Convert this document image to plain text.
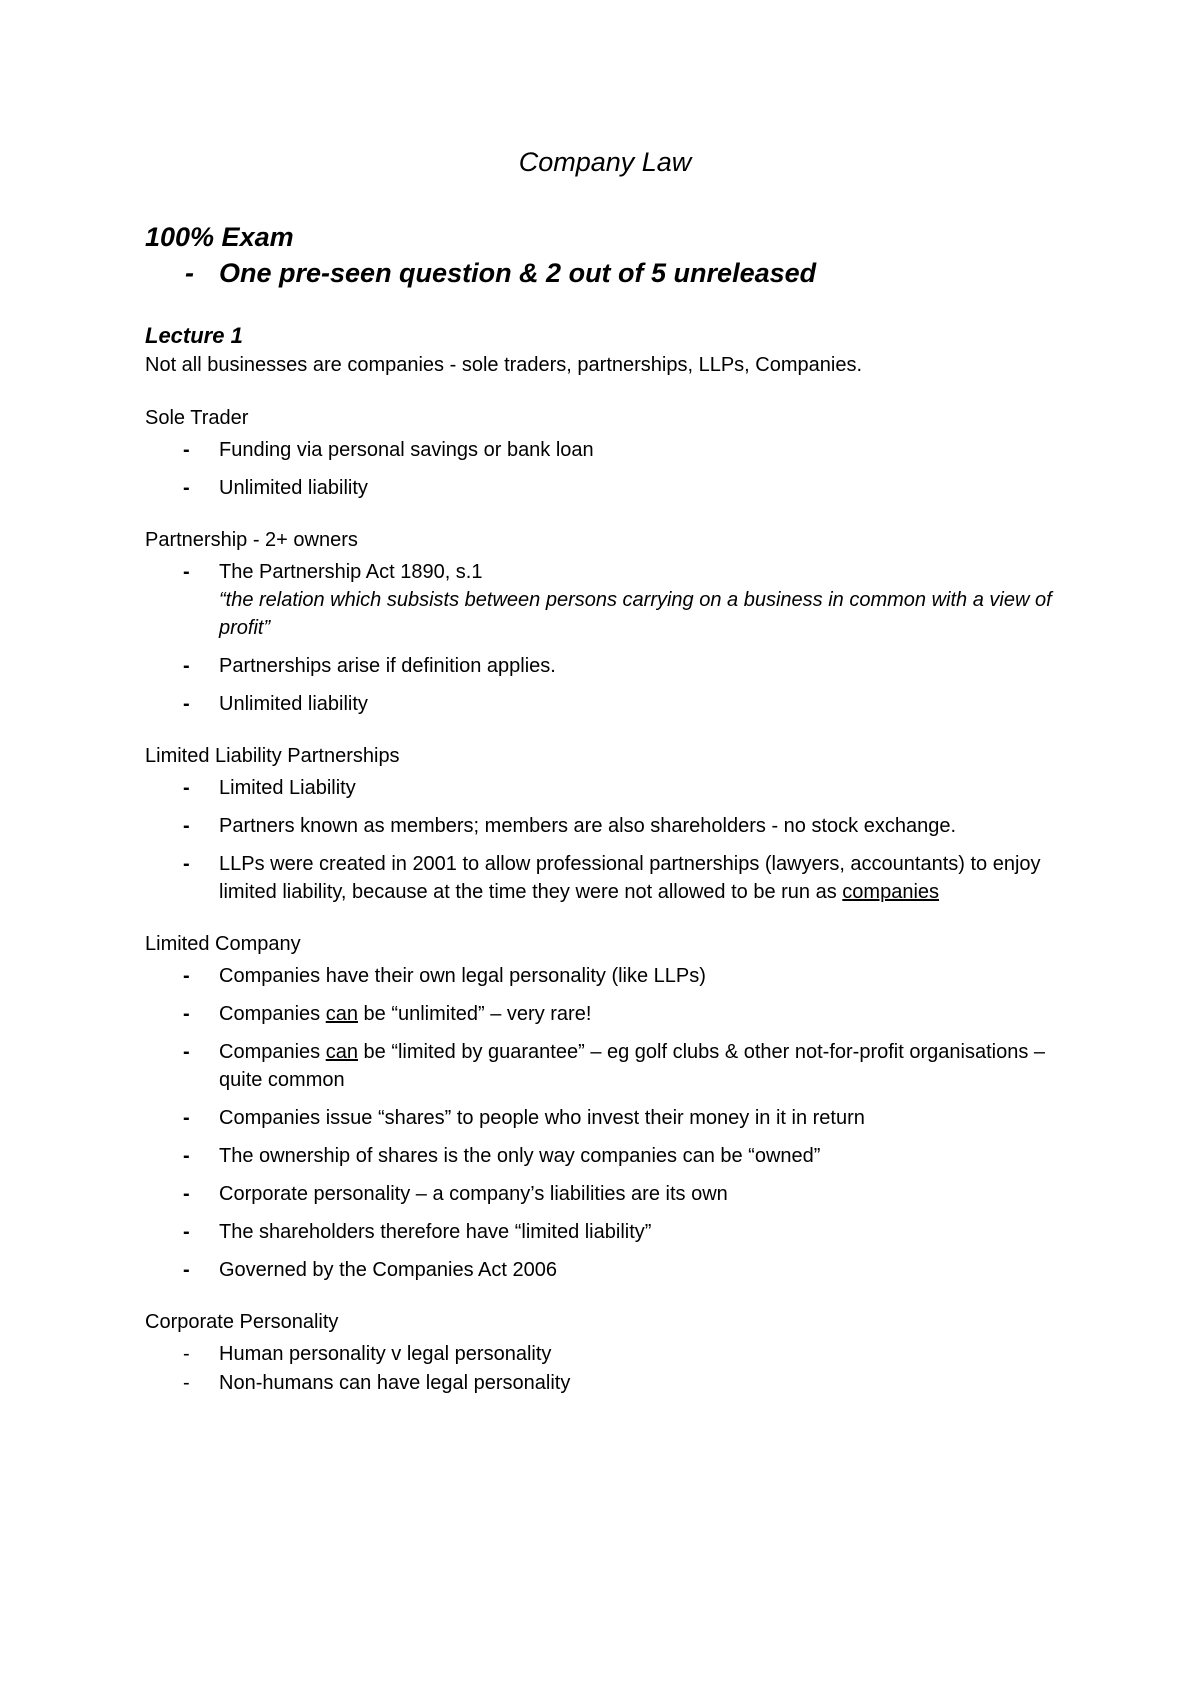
Company Law
100% Exam
- One pre-seen question & 2 out of 5 unreleased
Lecture 1

Not all businesses are companies - sole traders, partnerships, LLPs, Companies.

Sole Trader
- Funding via personal savings or bank loan
- Unlimited liability
Partnership - 2+ owners
- The Partnership Act 1890, s.1
“the relation which subsists between persons carrying on a business in common with a view of profit”
- Partnerships arise if definition applies.
- Unlimited liability
Limited Liability Partnerships
- Limited Liability
- Partners known as members; members are also shareholders - no stock exchange.
- LLPs were created in 2001 to allow professional partnerships (lawyers, accountants) to enjoy limited liability, because at the time they were not allowed to be run as companies
Limited Company
- Companies have their own legal personality (like LLPs)
- Companies can be “unlimited” – very rare!
- Companies can be “limited by guarantee” – eg golf clubs & other not-for-profit organisations – quite common
- Companies issue “shares” to people who invest their money in it in return
- The ownership of shares is the only way companies can be “owned”
- Corporate personality – a company’s liabilities are its own
- The shareholders therefore have “limited liability”
- Governed by the Companies Act 2006
Corporate Personality
- Human personality v legal personality
- Non-humans can have legal personality
